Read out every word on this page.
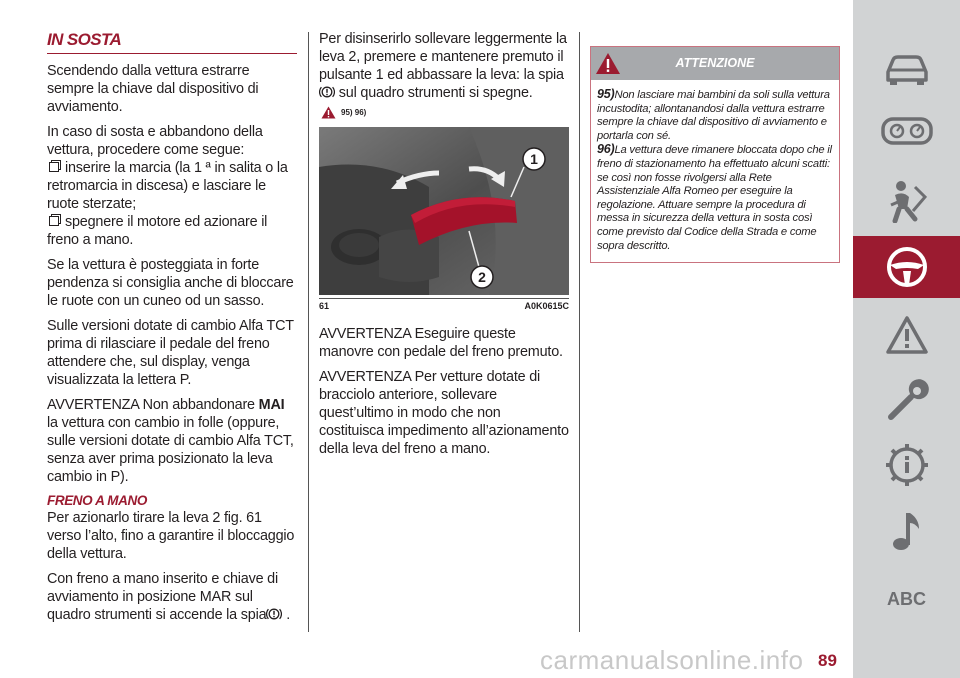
IN SOSTA

Scendendo dalla vettura estrarre sempre la chiave dal dispositivo di avviamento.

In caso di sosta e abbandono della vettura, procedere come segue:

inserire la marcia (la 1 ª in salita o la retromarcia in discesa) e lasciare le ruote sterzate;

spegnere il motore ed azionare il freno a mano.

Se la vettura è posteggiata in forte pendenza si consiglia anche di bloccare le ruote con un cuneo od un sasso.

Sulle versioni dotate di cambio Alfa TCT prima di rilasciare il pedale del freno attendere che, sul display, venga visualizzata la lettera P.

AVVERTENZA Non abbandonare MAI la vettura con cambio in folle (oppure, sulle versioni dotate di cambio Alfa TCT, senza aver prima posizionato la leva cambio in P).

FRENO A MANO

Per azionarlo tirare la leva 2 fig. 61 verso l’alto, fino a garantire il bloccaggio della vettura.

Con freno a mano inserito e chiave di avviamento in posizione MAR sul quadro strumenti si accende la spia .

Per disinserirlo sollevare leggermente la leva 2, premere e mantenere premuto il pulsante 1 ed abbassare la leva: la spia
sul quadro strumenti si spegne.

95) 96)
1
2
61	A0K0615C

AVVERTENZA Eseguire queste manovre con pedale del freno premuto.

AVVERTENZA Per vetture dotate di bracciolo anteriore, sollevare quest’ultimo in modo che non costituisca impedimento all’azionamento della leva del freno a mano.

ATTENZIONE

95)Non lasciare mai bambini da soli sulla vettura incustodita; allontanandosi dalla vettura estrarre sempre la chiave dal dispositivo di avviamento e portarla con sé.

96)La vettura deve rimanere bloccata dopo che il freno di stazionamento ha effettuato alcuni scatti: se così non fosse rivolgersi alla Rete Assistenziale Alfa Romeo per eseguire la regolazione. Attuare sempre la procedura di messa in sicurezza della vettura in sosta così come previsto dal Codice della Strada e come sopra descritto.

ABC
carmanualsonline.info 89
